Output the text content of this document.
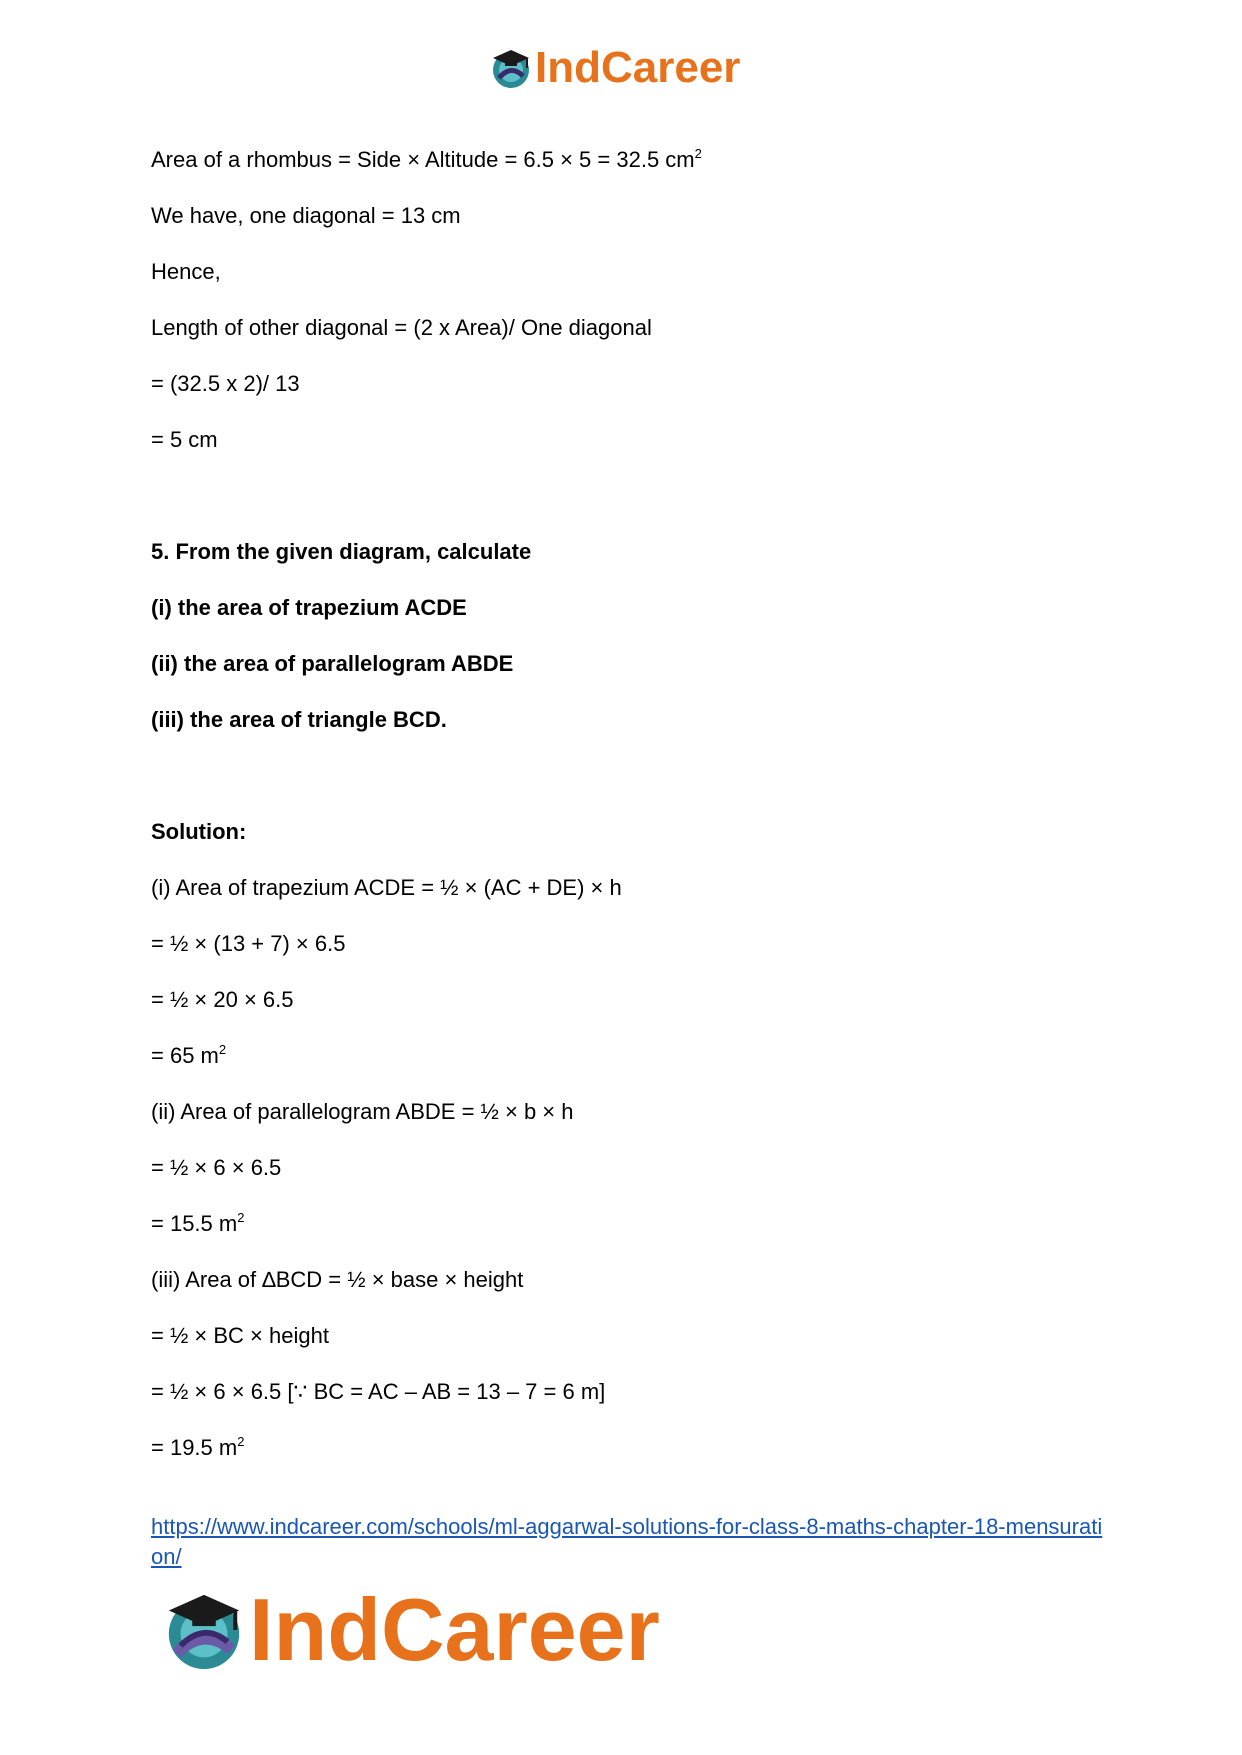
IndCareer
Area of a rhombus = Side × Altitude = 6.5 × 5 = 32.5 $cm^2$
We have, one diagonal = 13 cm
Hence,
Length of other diagonal = (2 x Area)/ One diagonal
= (32.5 x 2)/ 13
= 5 cm
5. From the given diagram, calculate
(i) the area of trapezium ACDE
(ii) the area of parallelogram ABDE
(iii) the area of triangle BCD.
Solution:
(i) Area of trapezium ACDE = ½ × (AC + DE) × h
= ½ × (13 + 7) × 6.5
= ½ × 20 × 6.5
= 65 $m^2$
(ii) Area of parallelogram ABDE = ½ × b × h
= ½ × 6 × 6.5
= 15.5 $m^2$
(iii) Area of ∆BCD = ½ × base × height
= ½ × BC × height
= ½ × 6 × 6.5 [∵ BC = AC – AB = 13 – 7 = 6 m]
= 19.5 $m^2$
https://www.indcareer.com/schools/ml-aggarwal-solutions-for-class-8-maths-chapter-18-mensuration/
IndCareer
